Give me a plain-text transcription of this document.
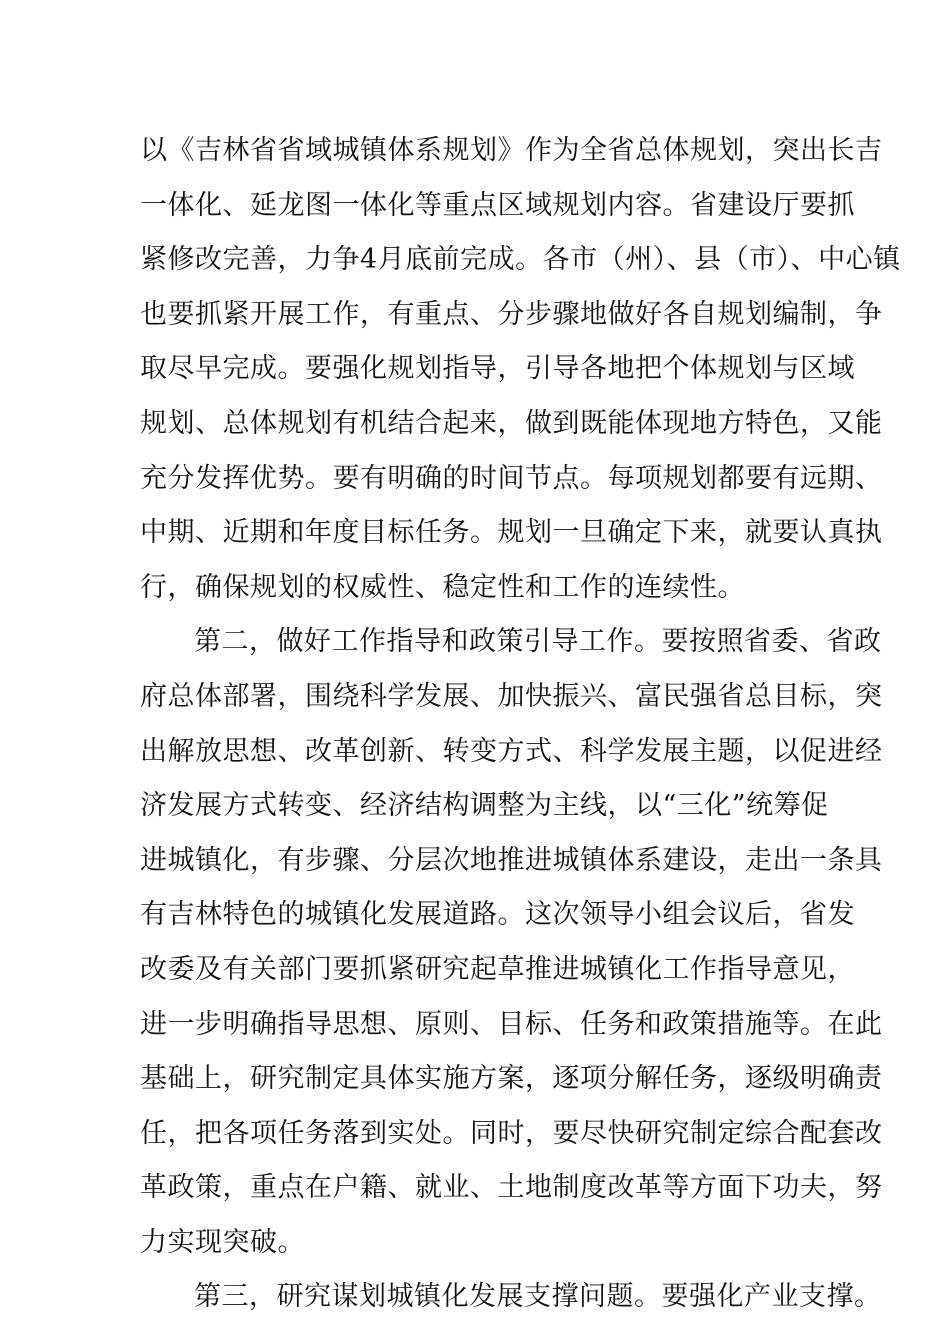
以《吉林省省域城镇体系规划》作为全省总体规划，突出长吉
一体化、延龙图一体化等重点区域规划内容。省建设厅要抓
紧修改完善，力争4月底前完成。各市（州）、县（市）、中心镇
也要抓紧开展工作，有重点、分步骤地做好各自规划编制，争
取尽早完成。要强化规划指导，引导各地把个体规划与区域
规划、总体规划有机结合起来，做到既能体现地方特色，又能
充分发挥优势。要有明确的时间节点。每项规划都要有远期、
中期、近期和年度目标任务。规划一旦确定下来，就要认真执
行，确保规划的权威性、稳定性和工作的连续性。
第二，做好工作指导和政策引导工作。要按照省委、省政
府总体部署，围绕科学发展、加快振兴、富民强省总目标，突
出解放思想、改革创新、转变方式、科学发展主题，以促进经
济发展方式转变、经济结构调整为主线，以“三化”统筹促
进城镇化，有步骤、分层次地推进城镇体系建设，走出一条具
有吉林特色的城镇化发展道路。这次领导小组会议后，省发
改委及有关部门要抓紧研究起草推进城镇化工作指导意见，
进一步明确指导思想、原则、目标、任务和政策措施等。在此
基础上，研究制定具体实施方案，逐项分解任务，逐级明确责
任，把各项任务落到实处。同时，要尽快研究制定综合配套改
革政策，重点在户籍、就业、土地制度改革等方面下功夫，努
力实现突破。
第三，研究谋划城镇化发展支撑问题。要强化产业支撑。
